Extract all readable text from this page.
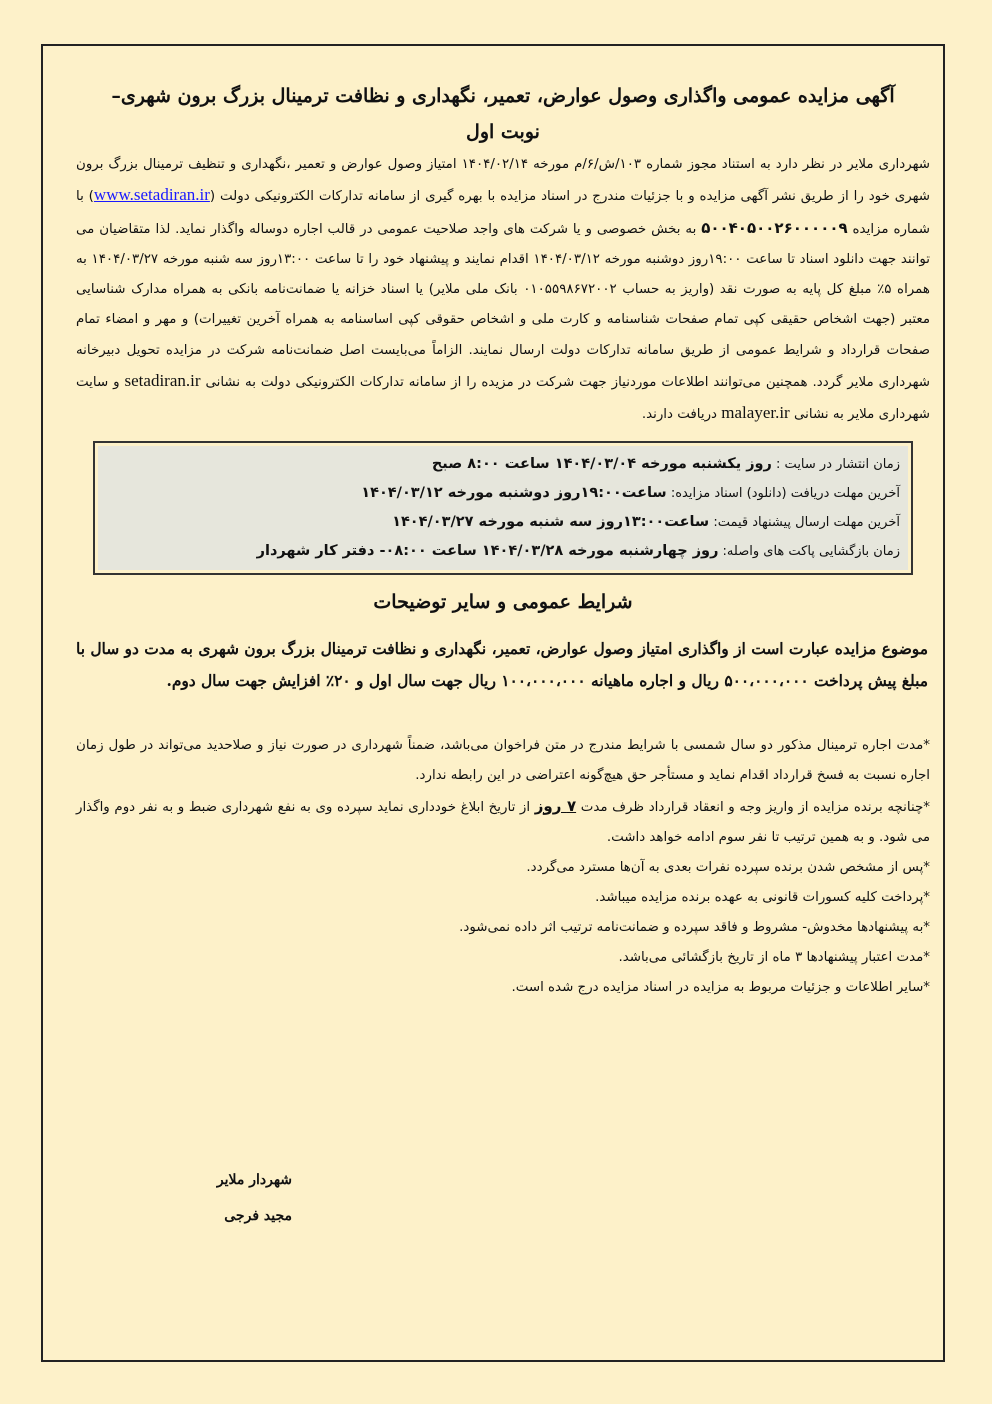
آگهی مزایده عمومی واگذاری وصول عوارض، تعمیر، نگهداری و نظافت ترمینال بزرگ برون شهری–
نوبت اول

شهرداری ملایر در نظر دارد به استناد مجوز شماره ۱۰۳/ش/۶/م مورخه ۱۴۰۴/۰۲/۱۴ امتیاز وصول عوارض و تعمیر ،نگهداری و تنظیف ترمینال بزرگ برون شهری خود را از طریق نشر آگهی مزایده و با جزئیات مندرج در اسناد مزایده با بهره گیری از سامانه تدارکات الکترونیکی دولت (www.setadiran.ir) با شماره مزایده ۵۰۰۴۰۵۰۰۲۶۰۰۰۰۰۹ به بخش خصوصی و یا شرکت های واجد صلاحیت عمومی در قالب اجاره دوساله واگذار نماید. لذا متقاضیان می توانند جهت دانلود اسناد تا ساعت ۱۹:۰۰روز دوشنبه مورخه ۱۴۰۴/۰۳/۱۲ اقدام نمایند و پیشنهاد خود را تا ساعت ۱۳:۰۰روز سه شنبه مورخه ۱۴۰۴/۰۳/۲۷ به همراه ۵٪ مبلغ کل پایه به صورت نقد (واریز به حساب ۰۱۰۵۵۹۸۶۷۲۰۰۲ بانک ملی ملایر) یا اسناد خزانه یا ضمانت‌نامه بانکی به همراه مدارک شناسایی معتبر (جهت اشخاص حقیقی کپی تمام صفحات شناسنامه و کارت ملی و اشخاص حقوقی کپی اساسنامه به همراه آخرین تغییرات) و مهر و امضاء تمام صفحات قرارداد و شرایط عمومی از طریق سامانه تدارکات دولت ارسال نمایند. الزاماً می‌بایست اصل ضمانت‌نامه شرکت در مزایده تحویل دبیرخانه شهرداری ملایر گردد. همچنین می‌توانند اطلاعات موردنیاز جهت شرکت در مزیده را از سامانه تدارکات الکترونیکی دولت به نشانی setadiran.ir و سایت شهرداری ملایر به نشانی malayer.ir دریافت دارند.

زمان انتشار در سایت : روز یکشنبه مورخه ۱۴۰۴/۰۳/۰۴ ساعت ۸:۰۰ صبح
آخرین مهلت دریافت (دانلود) اسناد مزایده: ساعت۱۹:۰۰روز دوشنبه مورخه ۱۴۰۴/۰۳/۱۲
آخرین مهلت ارسال پیشنهاد قیمت: ساعت۱۳:۰۰روز سه شنبه مورخه ۱۴۰۴/۰۳/۲۷
زمان بازگشایی پاکت های واصله: روز چهارشنبه مورخه ۱۴۰۴/۰۳/۲۸ ساعت ۰۸:۰۰- دفتر کار شهردار
شرایط عمومی و سایر توضیحات

موضوع مزایده عبارت است از واگذاری امتیاز وصول عوارض، تعمیر، نگهداری و نظافت ترمینال بزرگ برون شهری به مدت دو سال با مبلغ پیش پرداخت ۵۰۰،۰۰۰،۰۰۰ ریال و اجاره ماهیانه ۱۰۰،۰۰۰،۰۰۰ ریال جهت سال اول و ۲۰٪ افزایش جهت سال دوم.

*مدت اجاره ترمینال مذکور دو سال شمسی با شرایط مندرج در متن فراخوان می‌باشد، ضمناً شهرداری در صورت نیاز و صلاحدید می‌تواند در طول زمان اجاره نسبت به فسخ قرارداد اقدام نماید و مستأجر حق هیچ‌گونه اعتراضی در این رابطه ندارد.

*چنانچه برنده مزایده از واریز وجه و انعقاد قرارداد ظرف مدت ۷ روز از تاریخ ابلاغ خودداری نماید سپرده وی به نفع شهرداری ضبط و به نفر دوم واگذار می شود. و به همین ترتیب تا نفر سوم ادامه خواهد داشت.

*پس از مشخص شدن برنده سپرده نفرات بعدی به آن‌ها مسترد می‌گردد.

*پرداخت کلیه کسورات قانونی به عهده برنده مزایده میباشد.

*به پیشنهادها مخدوش- مشروط و فاقد سپرده و ضمانت‌نامه ترتیب اثر داده نمی‌شود.

*مدت اعتبار پیشنهادها ۳ ماه از تاریخ بازگشائی می‌باشد.

*سایر اطلاعات و جزئیات مربوط به مزایده در اسناد مزایده درج شده است.

شهردار ملایر
مجید فرجی
